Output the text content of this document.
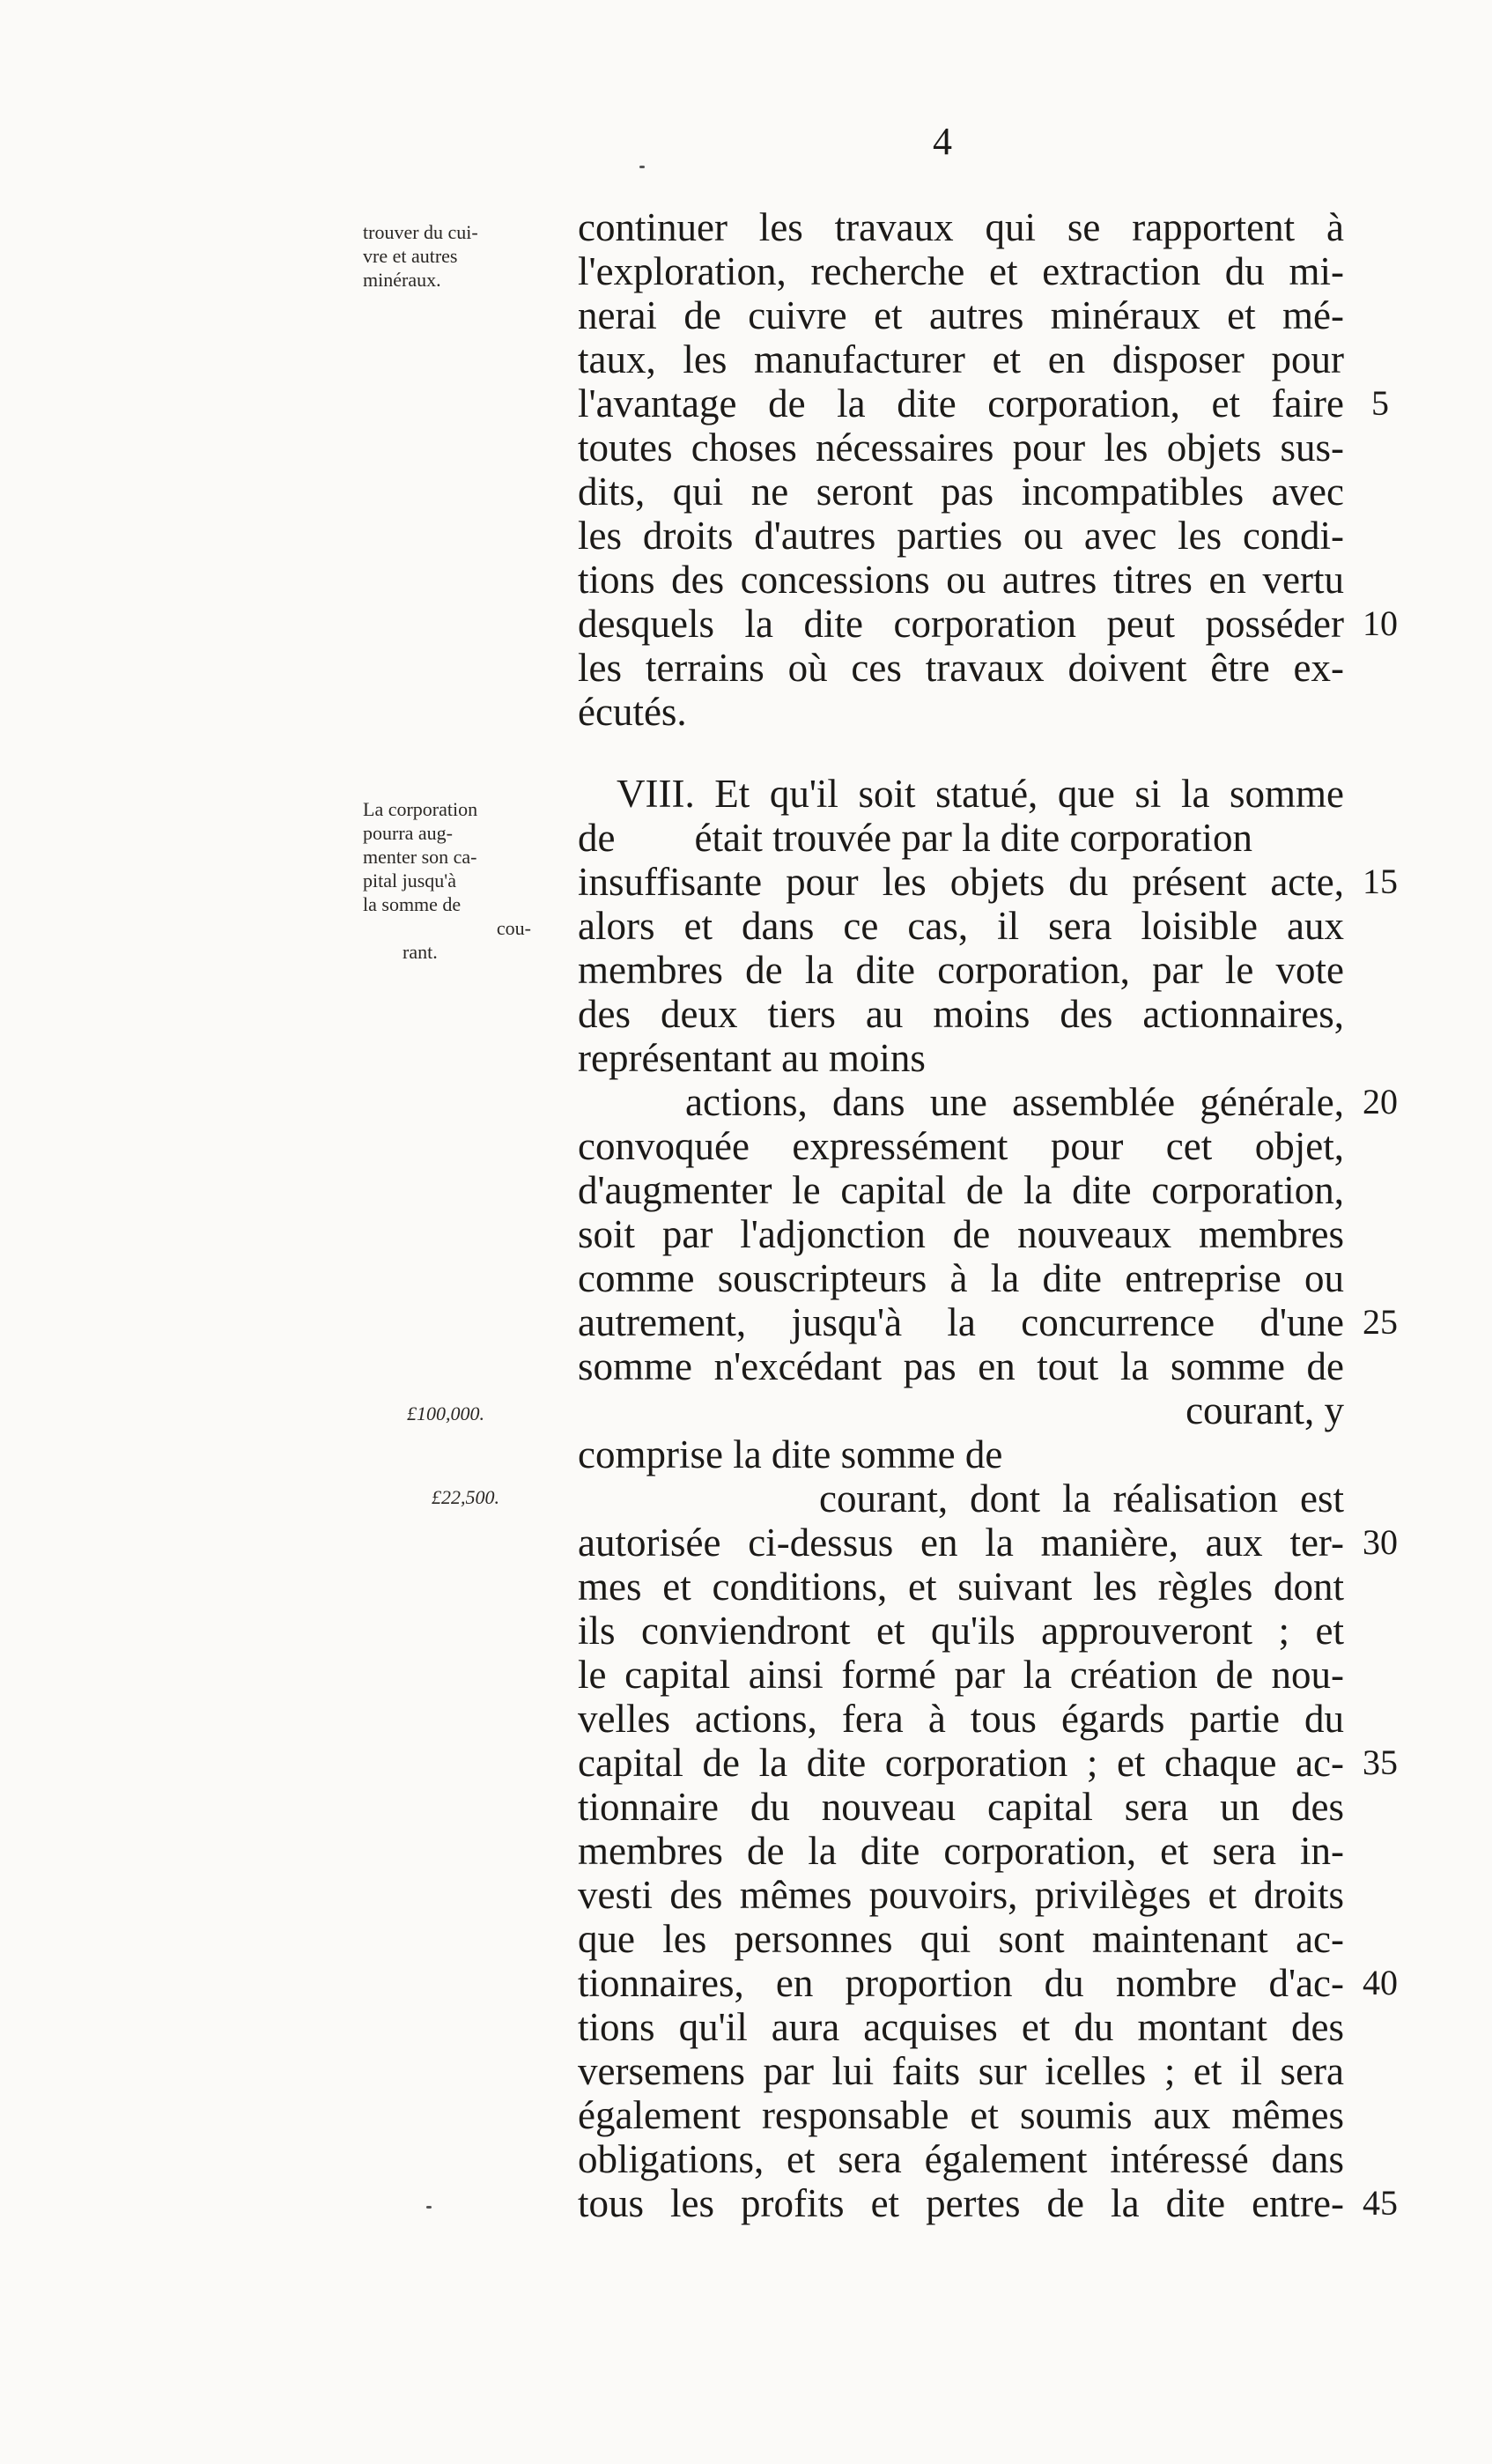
4
trouver du cui-
vre et autres
minéraux.
La corporation
pourra aug-
menter son ca-
pital jusqu'à
la somme de
cou-
rant.
£100,000.
£22,500.
continuer les travaux qui se rapportent à
l'exploration, recherche et extraction du mi-
nerai de cuivre et autres minéraux et mé-
taux, les manufacturer et en disposer pour
l'avantage de la dite corporation, et faire
toutes choses nécessaires pour les objets sus-
dits, qui ne seront pas incompatibles avec
les droits d'autres parties ou avec les condi-
tions des concessions ou autres titres en vertu
desquels la dite corporation peut posséder
les terrains où ces travaux doivent être ex-
écutés.
VIII. Et qu'il soit statué, que si la somme
de        était trouvée par la dite corporation
insuffisante pour les objets du présent acte,
alors et dans ce cas, il sera loisible aux
membres de la dite corporation, par le vote
des deux tiers au moins des actionnaires,
représentant au moins
actions, dans une assemblée générale,
convoquée expressément pour cet objet,
d'augmenter le capital de la dite corporation,
soit par l'adjonction de nouveaux membres
comme souscripteurs à la dite entreprise ou
autrement, jusqu'à la concurrence d'une
somme n'excédant pas en tout la somme de
courant, y
comprise la dite somme de
courant, dont la réalisation est
autorisée ci-dessus en la manière, aux ter-
mes et conditions, et suivant les règles dont
ils conviendront et qu'ils approuveront ; et
le capital ainsi formé par la création de nou-
velles actions, fera à tous égards partie du
capital de la dite corporation ; et chaque ac-
tionnaire du nouveau capital sera un des
membres de la dite corporation, et sera in-
vesti des mêmes pouvoirs, privilèges et droits
que les personnes qui sont maintenant ac-
tionnaires, en proportion du nombre d'ac-
tions qu'il aura acquises et du montant des
versemens par lui faits sur icelles ; et il sera
également responsable et soumis aux mêmes
obligations, et sera également intéressé dans
tous les profits et pertes de la dite entre-
5
10
15
20
25
30
35
40
45
